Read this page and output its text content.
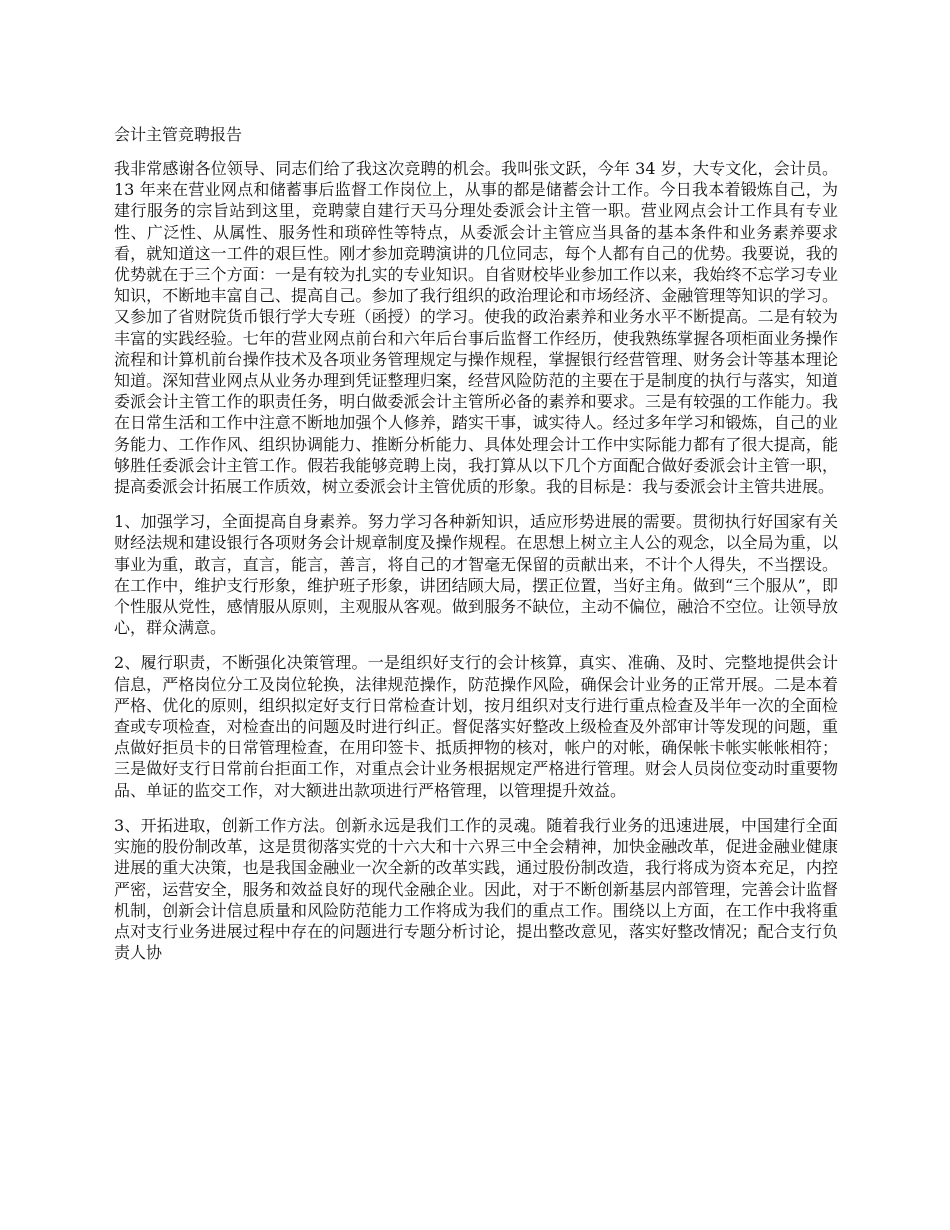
会计主管竞聘报告

我非常感谢各位领导、同志们给了我这次竞聘的机会。我叫张文跃，今年 34 岁，大专文化，会计员。13 年来在营业网点和储蓄事后监督工作岗位上，从事的都是储蓄会计工作。今日我本着锻炼自己，为建行服务的宗旨站到这里，竞聘蒙自建行天马分理处委派会计主管一职。营业网点会计工作具有专业性、广泛性、从属性、服务性和琐碎性等特点，从委派会计主管应当具备的基本条件和业务素养要求看，就知道这一工件的艰巨性。刚才参加竞聘演讲的几位同志，每个人都有自己的优势。我要说，我的优势就在于三个方面：一是有较为扎实的专业知识。自省财校毕业参加工作以来，我始终不忘学习专业知识，不断地丰富自己、提高自己。参加了我行组织的政治理论和市场经济、金融管理等知识的学习。又参加了省财院货币银行学大专班（函授）的学习。使我的政治素养和业务水平不断提高。二是有较为丰富的实践经验。七年的营业网点前台和六年后台事后监督工作经历，使我熟练掌握各项柜面业务操作流程和计算机前台操作技术及各项业务管理规定与操作规程，掌握银行经营管理、财务会计等基本理论知道。深知营业网点从业务办理到凭证整理归案，经营风险防范的主要在于是制度的执行与落实，知道委派会计主管工作的职责任务，明白做委派会计主管所必备的素养和要求。三是有较强的工作能力。我在日常生活和工作中注意不断地加强个人修养，踏实干事，诚实待人。经过多年学习和锻炼，自己的业务能力、工作作风、组织协调能力、推断分析能力、具体处理会计工作中实际能力都有了很大提高，能够胜任委派会计主管工作。假若我能够竞聘上岗，我打算从以下几个方面配合做好委派会计主管一职，提高委派会计拓展工作质效，树立委派会计主管优质的形象。我的目标是：我与委派会计主管共进展。

1、加强学习，全面提高自身素养。努力学习各种新知识，适应形势进展的需要。贯彻执行好国家有关财经法规和建设银行各项财务会计规章制度及操作规程。在思想上树立主人公的观念，以全局为重，以事业为重，敢言，直言，能言，善言，将自己的才智毫无保留的贡献出来，不计个人得失，不当摆设。在工作中，维护支行形象，维护班子形象，讲团结顾大局，摆正位置，当好主角。做到“三个服从”，即个性服从党性，感情服从原则，主观服从客观。做到服务不缺位，主动不偏位，融洽不空位。让领导放心，群众满意。

2、履行职责，不断强化决策管理。一是组织好支行的会计核算，真实、准确、及时、完整地提供会计信息，严格岗位分工及岗位轮换，法律规范操作，防范操作风险，确保会计业务的正常开展。二是本着严格、优化的原则，组织拟定好支行日常检查计划，按月组织对支行进行重点检查及半年一次的全面检查或专项检查，对检查出的问题及时进行纠正。督促落实好整改上级检查及外部审计等发现的问题，重点做好拒员卡的日常管理检查，在用印签卡、抵质押物的核对，帐户的对帐，确保帐卡帐实帐帐相符；三是做好支行日常前台拒面工作，对重点会计业务根据规定严格进行管理。财会人员岗位变动时重要物品、单证的监交工作，对大额进出款项进行严格管理，以管理提升效益。

3、开拓进取，创新工作方法。创新永远是我们工作的灵魂。随着我行业务的迅速进展，中国建行全面实施的股份制改革，这是贯彻落实党的十六大和十六界三中全会精神，加快金融改革，促进金融业健康进展的重大决策，也是我国金融业一次全新的改革实践，通过股份制改造，我行将成为资本充足，内控严密，运营安全，服务和效益良好的现代金融企业。因此，对于不断创新基层内部管理，完善会计监督机制，创新会计信息质量和风险防范能力工作将成为我们的重点工作。围绕以上方面，在工作中我将重点对支行业务进展过程中存在的问题进行专题分析讨论，提出整改意见，落实好整改情况；配合支行负责人协
